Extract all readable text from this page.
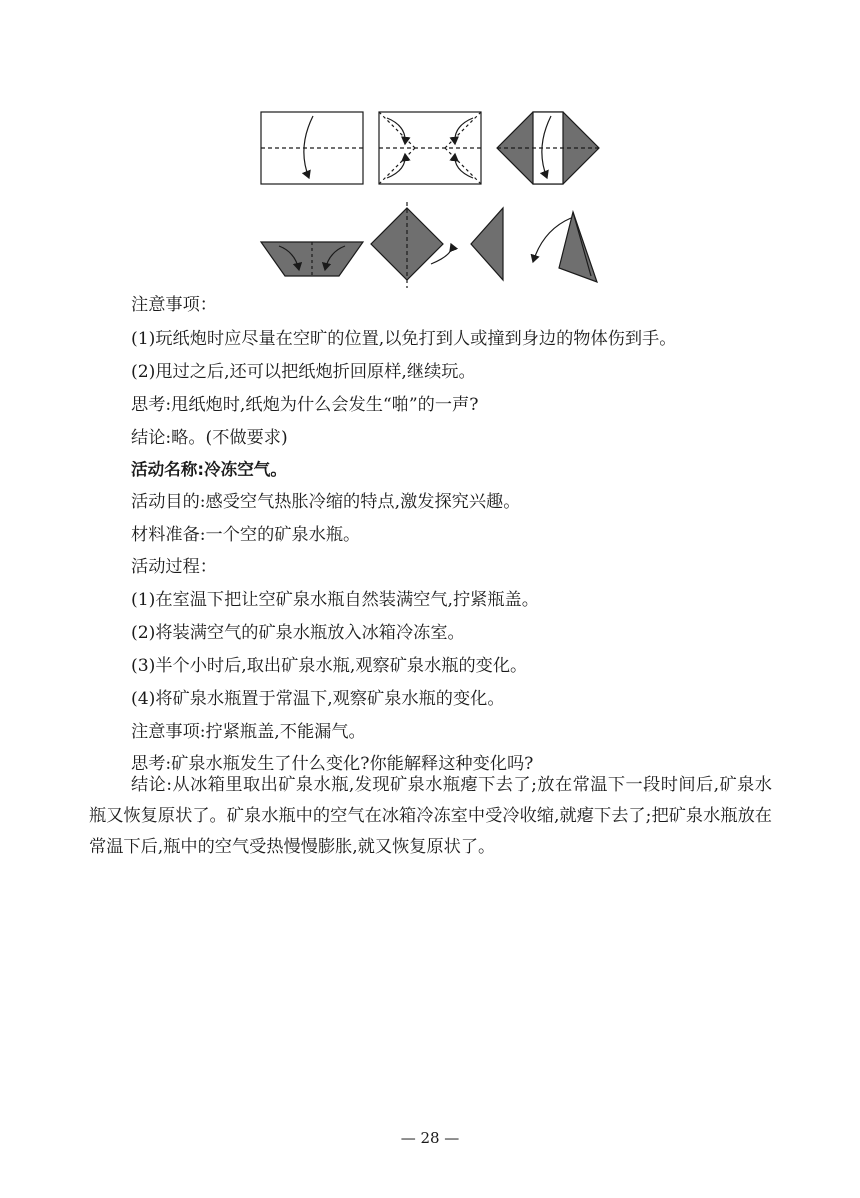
注意事项：
(1)玩纸炮时应尽量在空旷的位置,以免打到人或撞到身边的物体伤到手。
(2)甩过之后,还可以把纸炮折回原样,继续玩。
思考:甩纸炮时,纸炮为什么会发生“啪”的一声?
结论:略。(不做要求)
活动名称:冷冻空气。
活动目的:感受空气热胀冷缩的特点,激发探究兴趣。
材料准备:一个空的矿泉水瓶。
活动过程：
(1)在室温下把让空矿泉水瓶自然装满空气,拧紧瓶盖。
(2)将装满空气的矿泉水瓶放入冰箱冷冻室。
(3)半个小时后,取出矿泉水瓶,观察矿泉水瓶的变化。
(4)将矿泉水瓶置于常温下,观察矿泉水瓶的变化。
注意事项:拧紧瓶盖,不能漏气。
思考:矿泉水瓶发生了什么变化?你能解释这种变化吗?
结论:从冰箱里取出矿泉水瓶,发现矿泉水瓶瘪下去了;放在常温下一段时间后,矿泉水瓶又恢复原状了。矿泉水瓶中的空气在冰箱冷冻室中受冷收缩,就瘪下去了;把矿泉水瓶放在常温下后,瓶中的空气受热慢慢膨胀,就又恢复原状了。
— 28 —
